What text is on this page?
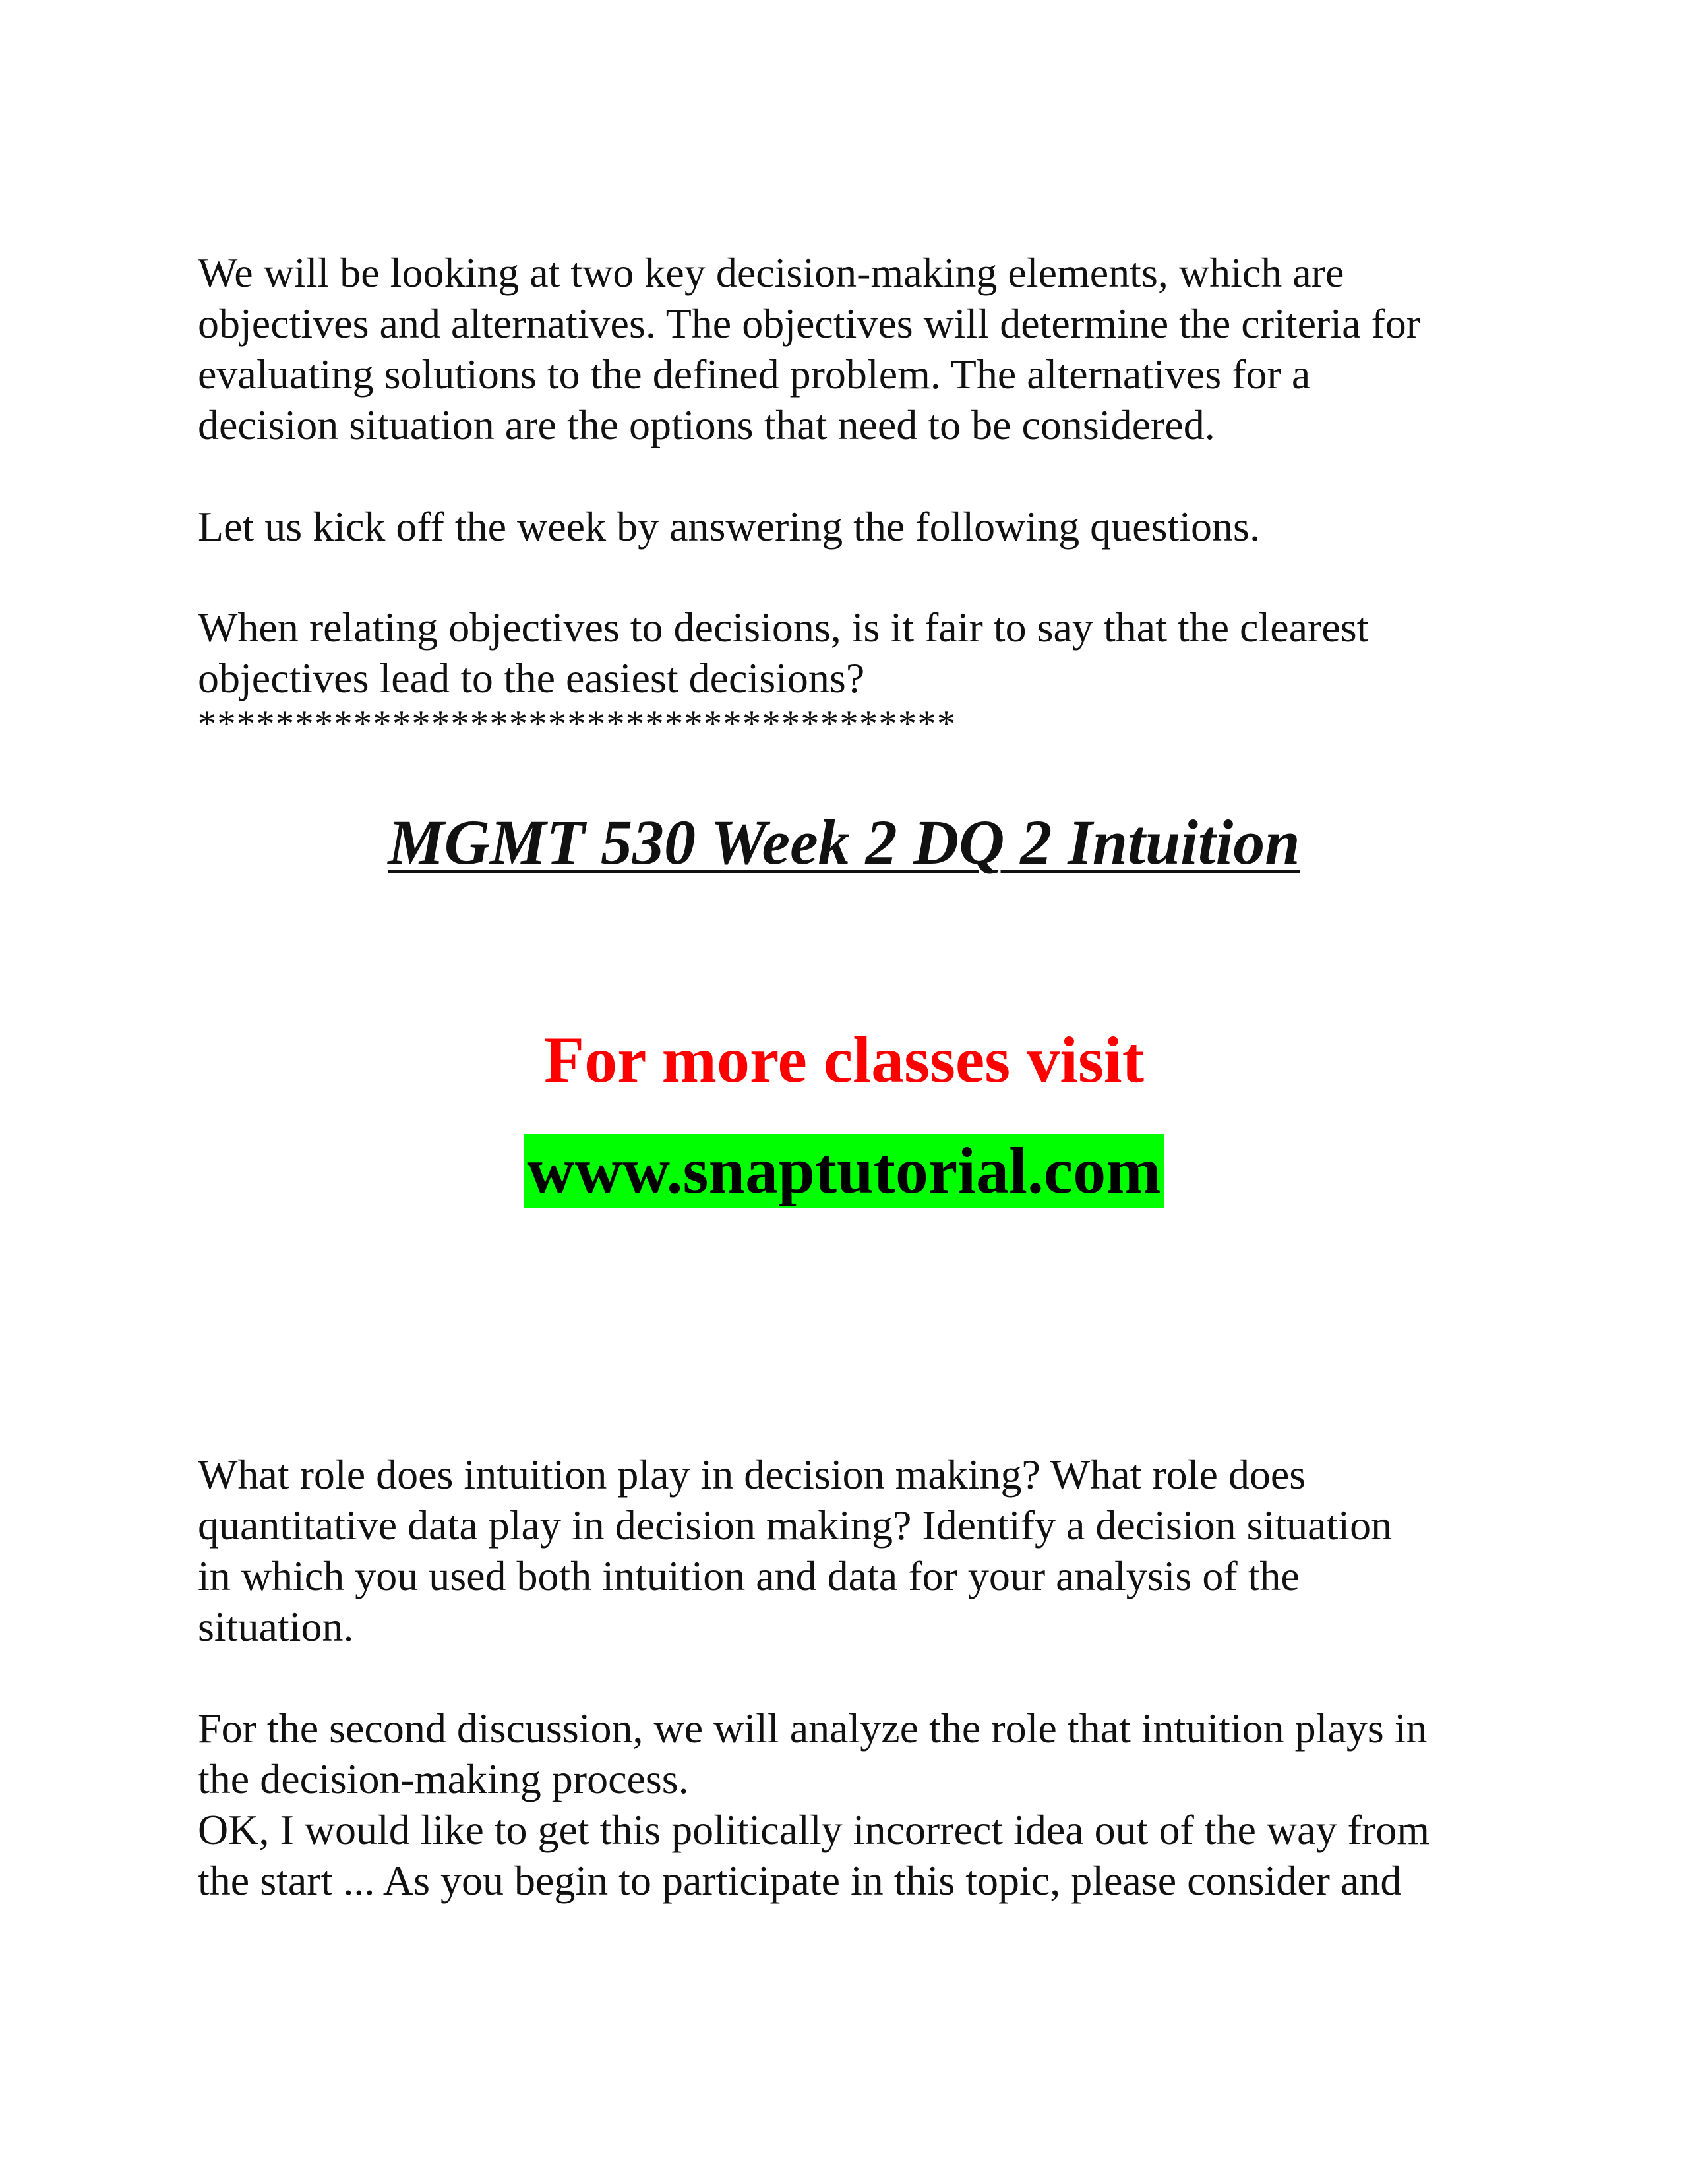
We will be looking at two key decision-making elements, which are
objectives and alternatives. The objectives will determine the criteria for
evaluating solutions to the defined problem. The alternatives for a
decision situation are the options that need to be considered.

Let us kick off the week by answering the following questions.

When relating objectives to decisions, is it fair to say that the clearest
objectives lead to the easiest decisions?

***************************************

MGMT 530 Week 2 DQ 2 Intuition

For more classes visit

www.snaptutorial.com

What role does intuition play in decision making? What role does
quantitative data play in decision making? Identify a decision situation
in which you used both intuition and data for your analysis of the
situation.

For the second discussion, we will analyze the role that intuition plays in
the decision-making process.

OK, I would like to get this politically incorrect idea out of the way from
the start ... As you begin to participate in this topic, please consider and
